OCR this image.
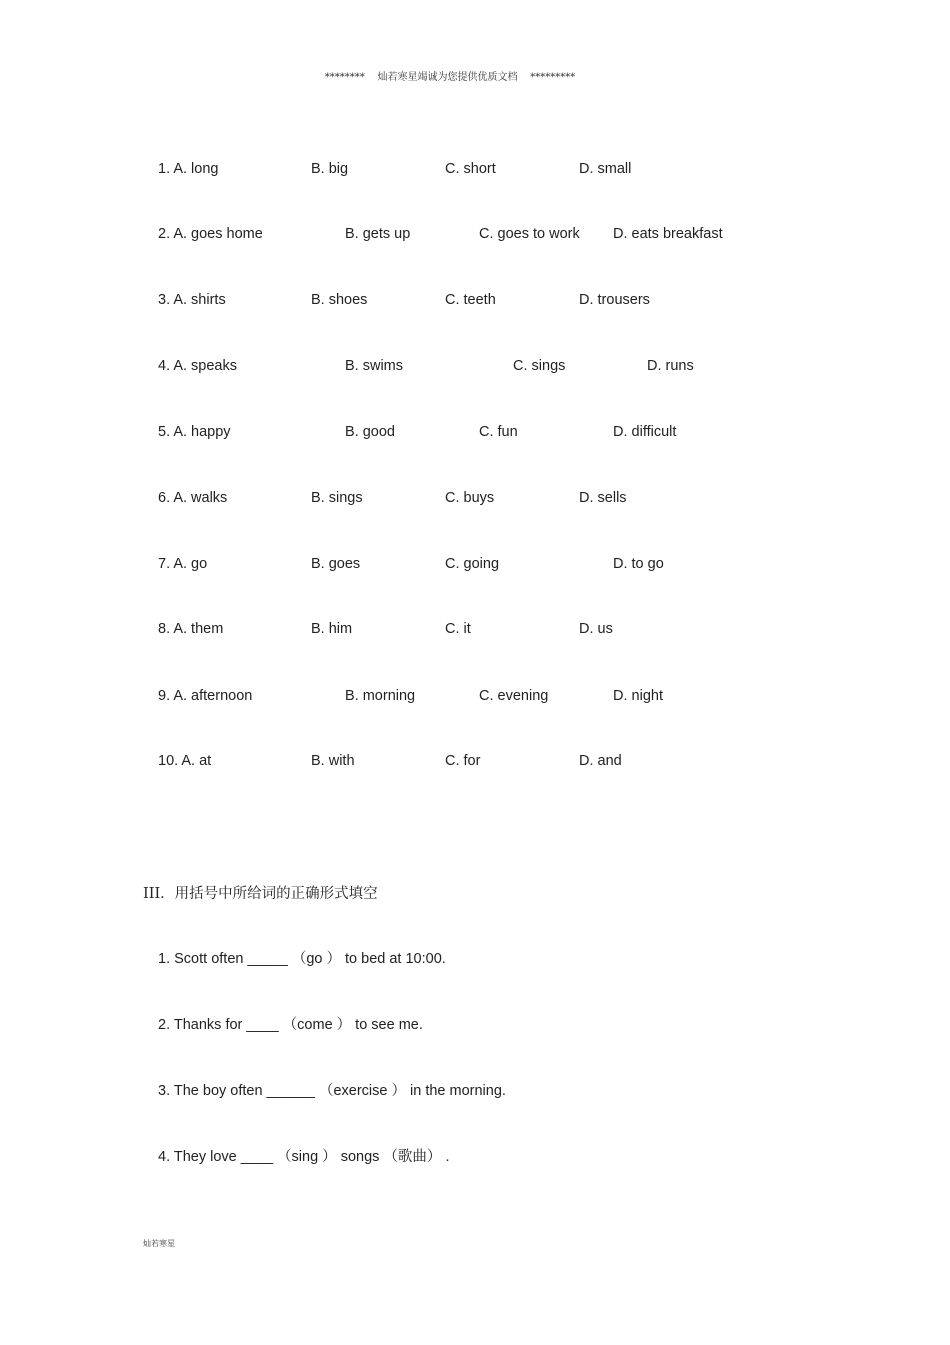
********    灿若寒星竭诚为您提供优质文档    *********
1. A. long	B. big	C. short	D. small
2. A. goes home	B. gets up	C. goes to work D. eats breakfast
3. A. shirts	B. shoes	C. teeth	D. trousers
4. A. speaks	B. swims	C. sings	D. runs
5. A. happy	B. good	C. fun	D. difficult
6. A. walks	B. sings	C. buys	D. sells
7. A. go	B. goes	C. going	D. to go
8. A. them	B. him	C. it	D. us
9. A. afternoon	B. morning	C. evening	D. night
10. A. at	B. with	C. for	D. and
III．用括号中所给词的正确形式填空
1. Scott often _____ （go ） to bed at 10:00.
2. Thanks for ____ （come ） to see me.
3. The boy often ______ （exercise ） in the morning.
4. They love ____ （sing ） songs （歌曲） .
灿若寒星
